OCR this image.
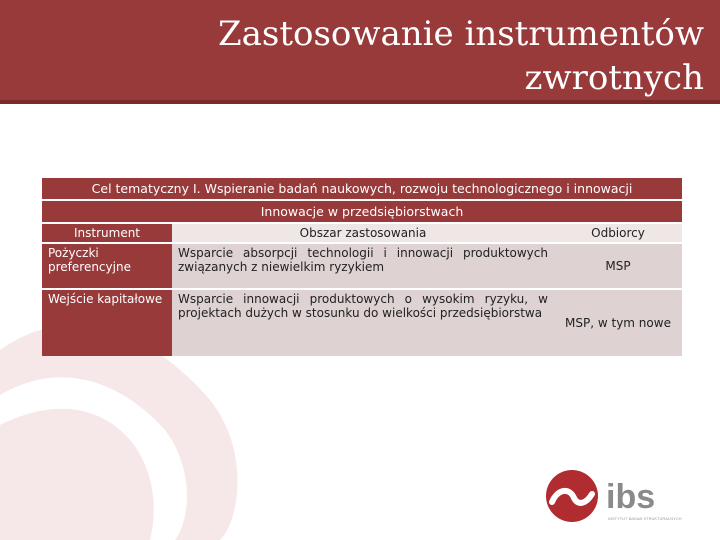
Zastosowanie instrumentów
zwrotnych
Cel tematyczny I. Wspieranie badań naukowych, rozwoju technologicznego i innowacji		
Innowacje w przedsiębiorstwach		
Instrument	Obszar zastosowania	Odbiorcy
Pożyczki preferencyjne	Wsparcie absorpcji technologii i innowacji produktowych związanych z niewielkim ryzykiem	MSP
Wejście kapitałowe	Wsparcie innowacji produktowych o wysokim ryzyku, w projektach dużych w stosunku do wielkości przedsiębiorstwa	MSP, w tym nowe
ibs
INSTYTUT BADAŃ STRUKTURALNYCH
